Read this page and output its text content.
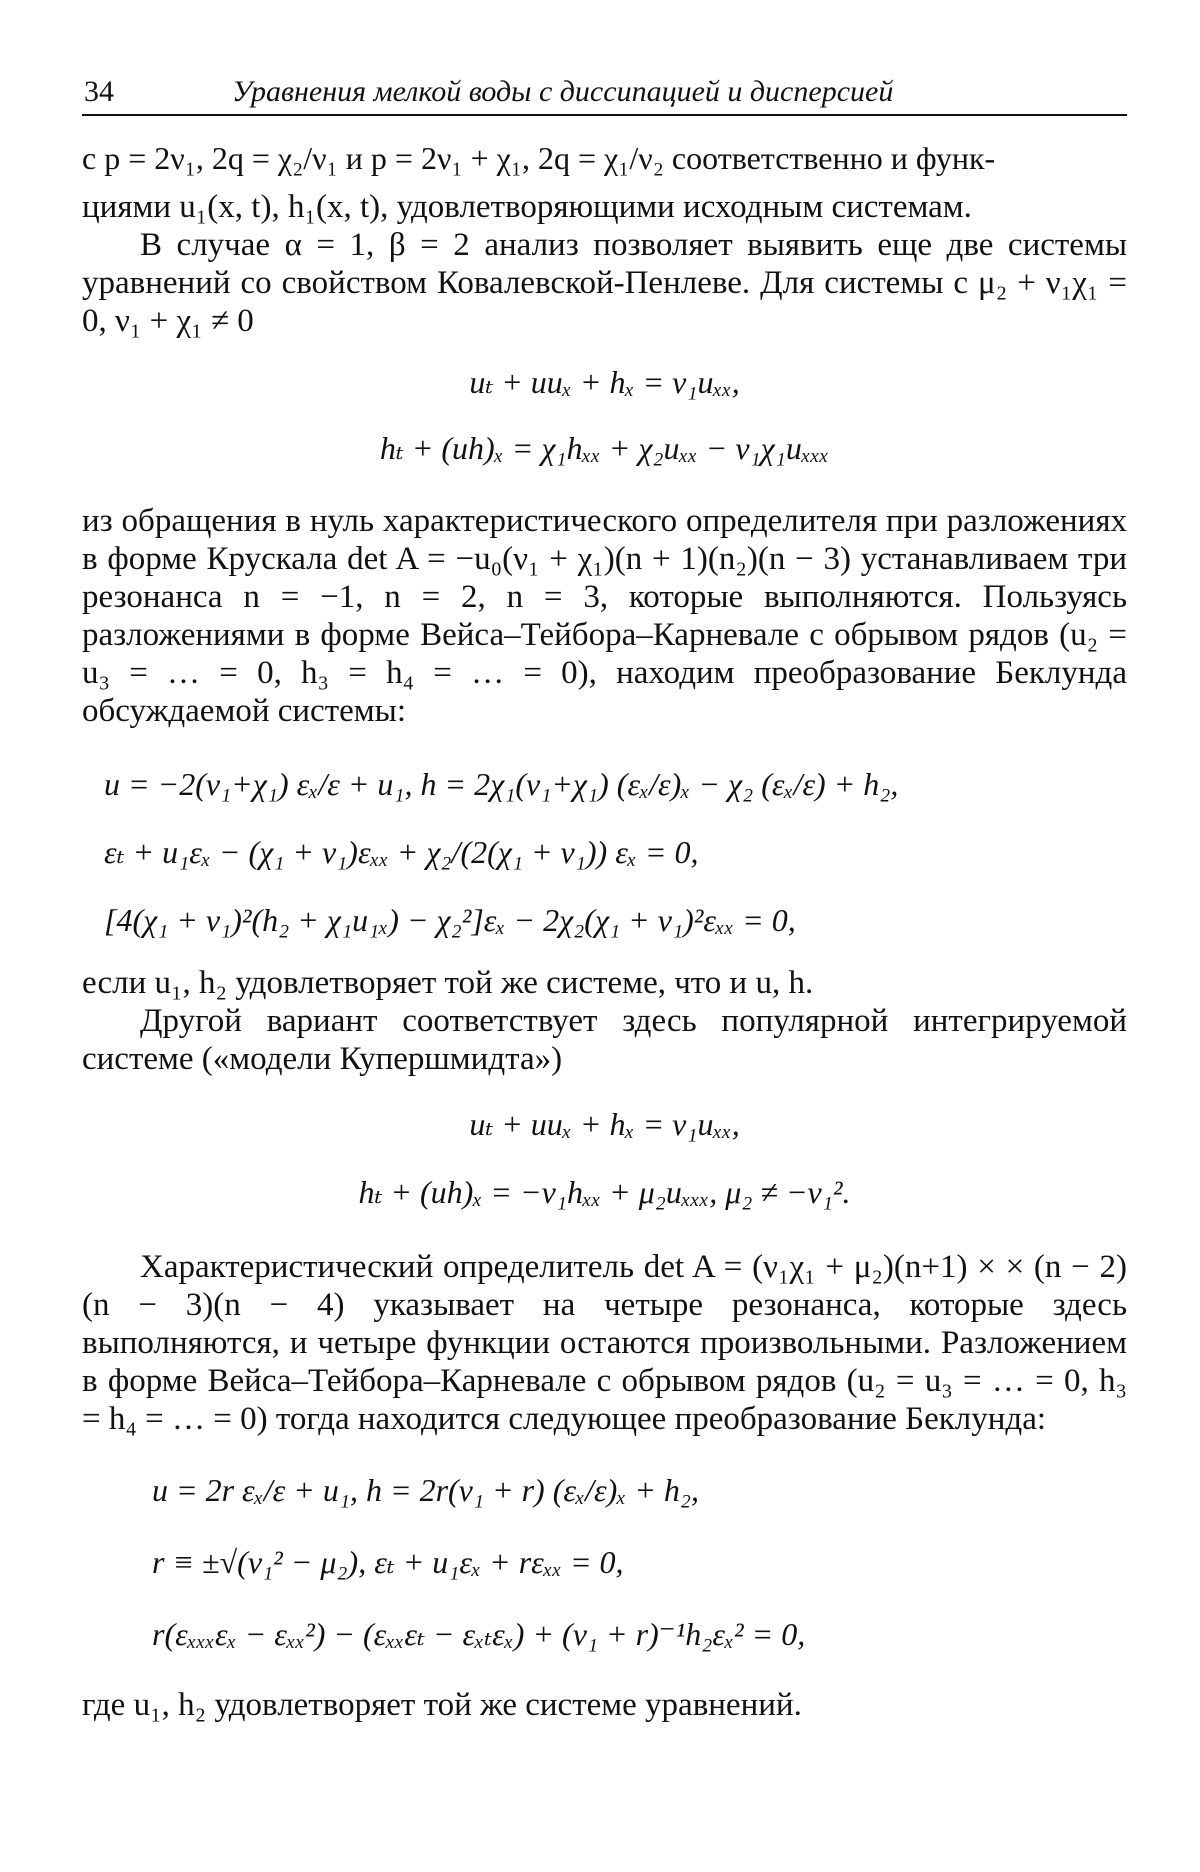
34	Уравнения мелкой воды с диссипацией и дисперсией

с p = 2ν₁, 2q = χ₂/ν₁ и p = 2ν₁ + χ₁, 2q = χ₁/ν₂ соответственно и функ-

циями u₁(x, t), h₁(x, t), удовлетворяющими исходным системам.

В случае α = 1, β = 2 анализ позволяет выявить еще две системы уравнений со свойством Ковалевской-Пенлеве. Для системы с μ₂ + ν₁χ₁ = 0, ν₁ + χ₁ ≠ 0

uₜ + uuₓ + hₓ = ν₁uₓₓ,

hₜ + (uh)ₓ = χ₁hₓₓ + χ₂uₓₓ − ν₁χ₁uₓₓₓ

из обращения в нуль характеристического определителя при разложениях в форме Крускала det A = −u₀(ν₁ + χ₁)(n + 1)(n₂)(n − 3) устанавливаем три резонанса n = −1, n = 2, n = 3, которые выполняются. Пользуясь разложениями в форме Вейса–Тейбора–Карневале с обрывом рядов (u₂ = u₃ = … = 0, h₃ = h₄ = … = 0), находим преобразование Беклунда обсуждаемой системы:

u = −2(ν₁+χ₁) εₓ/ε + u₁, h = 2χ₁(ν₁+χ₁) (εₓ/ε)ₓ − χ₂ (εₓ/ε) + h₂,

εₜ + u₁εₓ − (χ₁ + ν₁)εₓₓ + χ₂/(2(χ₁ + ν₁)) εₓ = 0,

[4(χ₁ + ν₁)²(h₂ + χ₁u₁ₓ) − χ₂²]εₓ − 2χ₂(χ₁ + ν₁)²εₓₓ = 0,

если u₁, h₂ удовлетворяет той же системе, что и u, h.

Другой вариант соответствует здесь популярной интегрируемой системе («модели Купершмидта»)

uₜ + uuₓ + hₓ = ν₁uₓₓ,

hₜ + (uh)ₓ = −ν₁hₓₓ + μ₂uₓₓₓ, μ₂ ≠ −ν₁².

Характеристический определитель det A = (ν₁χ₁ + μ₂)(n+1) × × (n − 2)(n − 3)(n − 4) указывает на четыре резонанса, которые здесь выполняются, и четыре функции остаются произвольными. Разложением в форме Вейса–Тейбора–Карневале с обрывом рядов (u₂ = u₃ = … = 0, h₃ = h₄ = … = 0) тогда находится следующее преобразование Беклунда:

u = 2r εₓ/ε + u₁, h = 2r(ν₁ + r) (εₓ/ε)ₓ + h₂,

r ≡ ±√(ν₁² − μ₂), εₜ + u₁εₓ + rεₓₓ = 0,

r(εₓₓₓεₓ − εₓₓ²) − (εₓₓεₜ − εₓₜεₓ) + (ν₁ + r)⁻¹h₂εₓ² = 0,

где u₁, h₂ удовлетворяет той же системе уравнений.
